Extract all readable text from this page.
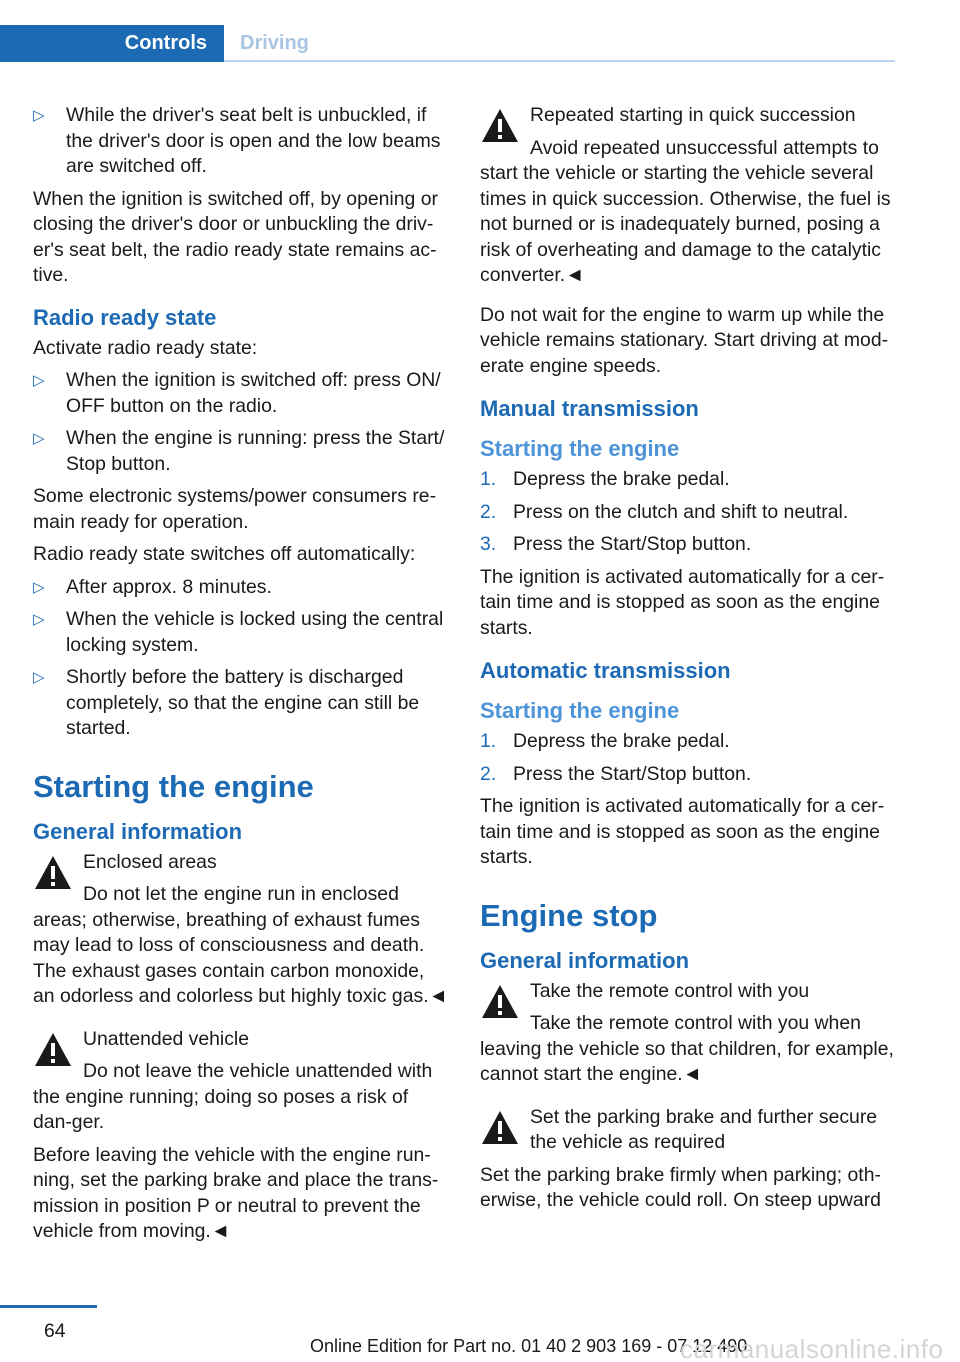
Controls	Driving
▷ While the driver's seat belt is unbuckled, if the driver's door is open and the low beams are switched off.

When the ignition is switched off, by opening or closing the driver's door or unbuckling the driv‐er's seat belt, the radio ready state remains ac‐tive.

Radio ready state

Activate radio ready state:

▷ When the ignition is switched off: press ON/ OFF button on the radio.
▷ When the engine is running: press the Start/ Stop button.

Some electronic systems/power consumers re‐main ready for operation.

Radio ready state switches off automatically:

▷ After approx. 8 minutes.
▷ When the vehicle is locked using the central locking system.
▷ Shortly before the battery is discharged completely, so that the engine can still be started.
Starting the engine
General information
Enclosed areas
Do not let the engine run in enclosed areas; otherwise, breathing of exhaust fumes may lead to loss of consciousness and death. The exhaust gases contain carbon monoxide, an odorless and colorless but highly toxic gas.◄
Unattended vehicle
Do not leave the vehicle unattended with the engine running; doing so poses a risk of dan‐ger.

Before leaving the vehicle with the engine run‐ning, set the parking brake and place the trans‐mission in position P or neutral to prevent the vehicle from moving.◄

Repeated starting in quick succession
Avoid repeated unsuccessful attempts to start the vehicle or starting the vehicle several times in quick succession. Otherwise, the fuel is not burned or is inadequately burned, posing a risk of overheating and damage to the catalytic converter.◄

Do not wait for the engine to warm up while the vehicle remains stationary. Start driving at mod‐erate engine speeds.

Manual transmission
Starting the engine
1. Depress the brake pedal.
2. Press on the clutch and shift to neutral.
3. Press the Start/Stop button.

The ignition is activated automatically for a cer‐tain time and is stopped as soon as the engine starts.

Automatic transmission
Starting the engine
1. Depress the brake pedal.
2. Press the Start/Stop button.

The ignition is activated automatically for a cer‐tain time and is stopped as soon as the engine starts.

Engine stop
General information
Take the remote control with you
Take the remote control with you when leaving the vehicle so that children, for example, cannot start the engine.◄
Set the parking brake and further secure the vehicle as required
Set the parking brake firmly when parking; oth‐erwise, the vehicle could roll. On steep upward
64
Online Edition for Part no. 01 40 2 903 169 - 07 12 490
carmanualsonline.info
